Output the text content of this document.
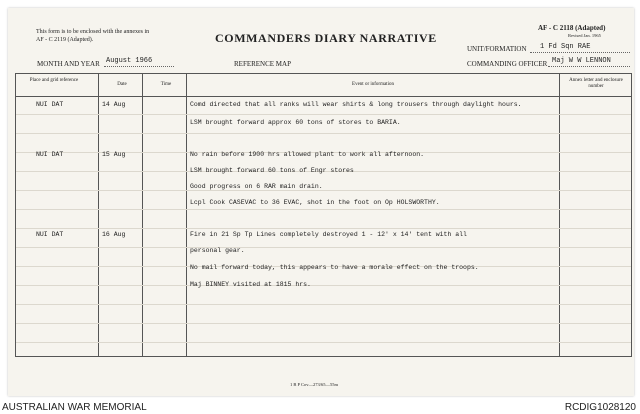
This form is to be enclosed with the annexes in AF - C 2119 (Adapted).	COMMANDERS DIARY NARRATIVE
AF - C 2118 (Adapted)
Revised Jan. 1965
UNIT/FORMATION 1 Fd Sqn RAE
MONTH AND YEAR August 1966	REFERENCE MAP	COMMANDING OFFICER Maj W W LENNON
Place and grid reference
Date	Time	Event or information
Annex letter and enclosure number
NUI DAT	14 Aug	Comd directed that all ranks will wear shirts & long trousers through daylight hours.
LSM brought forward approx 60 tons of stores to BARIA.
NUI DAT	15 Aug	No rain before 1900 hrs allowed plant to work all afternoon.
LSM brought forward 60 tons of Engr stores
Good progress on 6 RAR main drain.
Lcpl Cook CASEVAC to 36 EVAC, shot in the foot on Op HOLSWORTHY.
NUI DAT	16 Aug	Fire in 21 Sp Tp Lines completely destroyed 1 - 12' x 14' tent with all
personal gear.
No mail forward today, this appears to have a morale effect on the troops.
Maj BINNEY visited at 1815 hrs.
1 B P Cov—273/65—55m
AUSTRALIAN WAR MEMORIAL	RCDIG1028120
